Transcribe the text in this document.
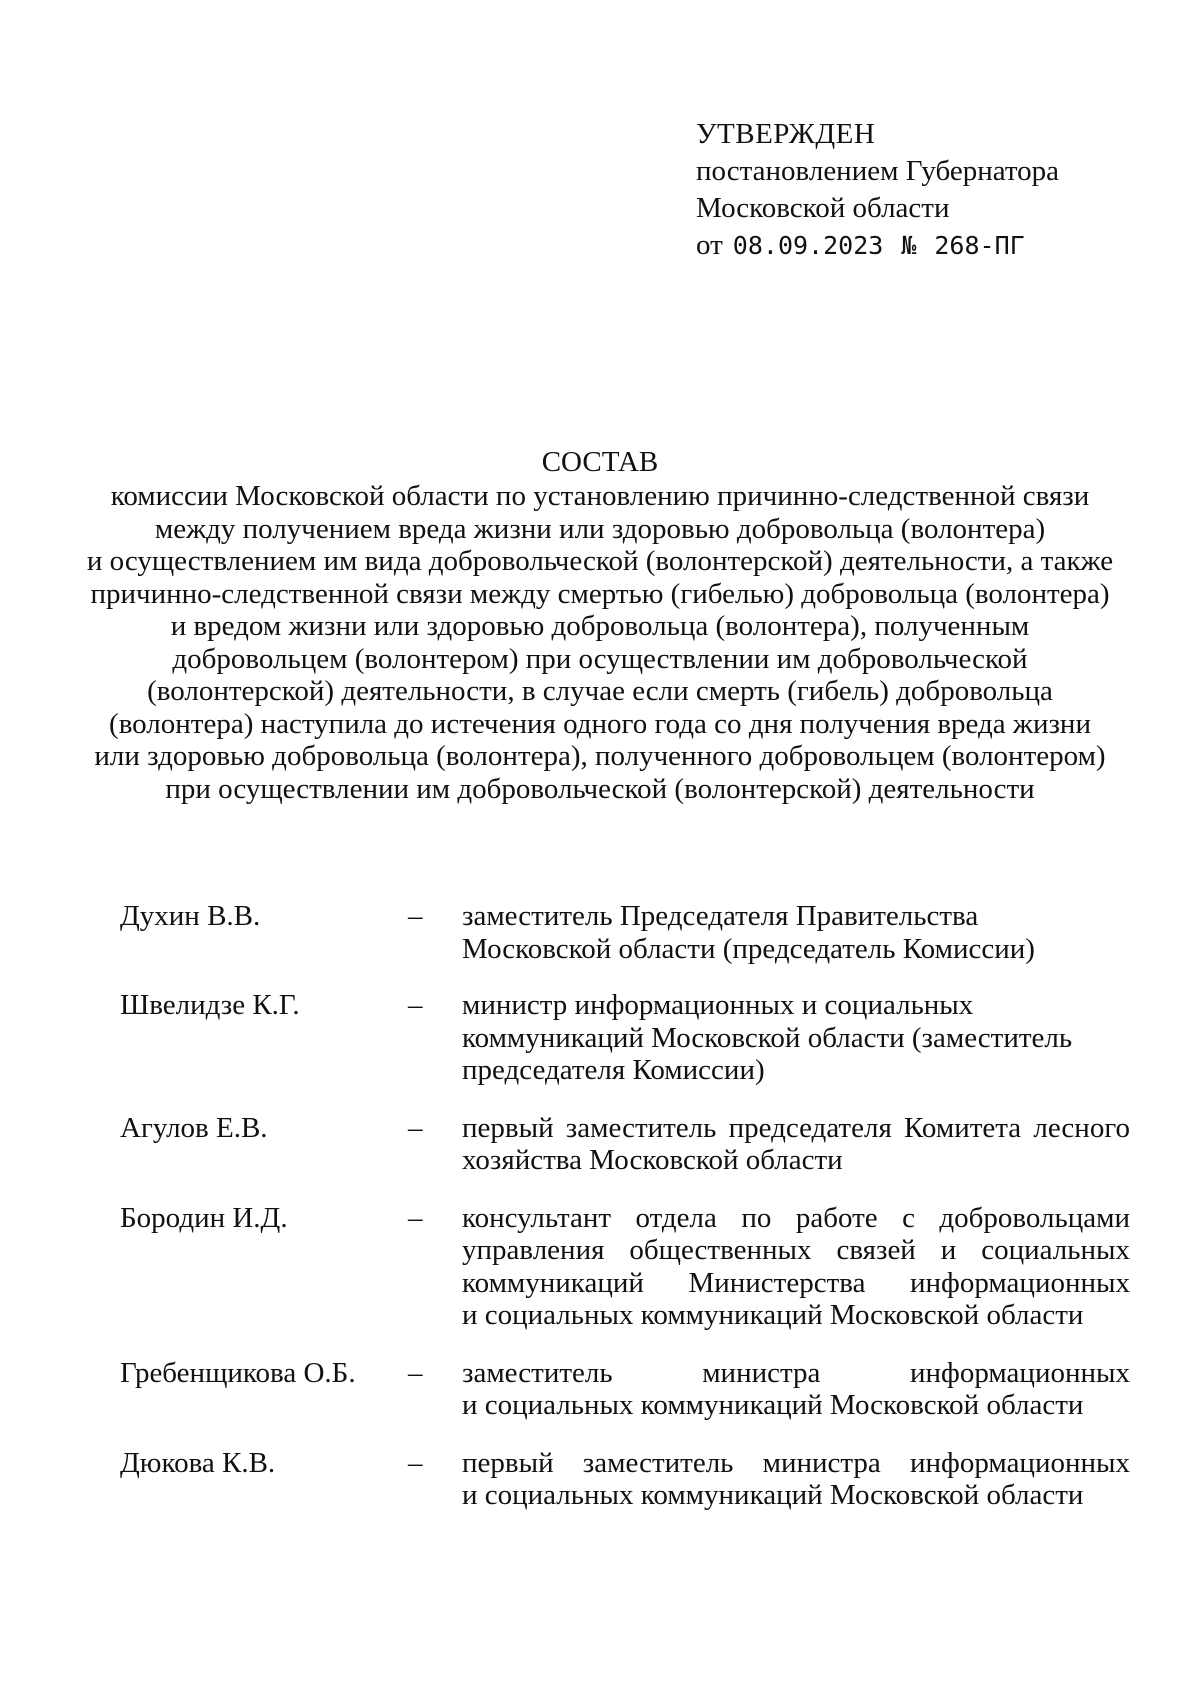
УТВЕРЖДЕН
постановлением Губернатора
Московской области
от 08.09.2023 № 268-ПГ
СОСТАВ
комиссии Московской области по установлению причинно-следственной связи
между получением вреда жизни или здоровью добровольца (волонтера)
и осуществлением им вида добровольческой (волонтерской) деятельности, а также
причинно-следственной связи между смертью (гибелью) добровольца (волонтера)
и вредом жизни или здоровью добровольца (волонтера), полученным
добровольцем (волонтером) при осуществлении им добровольческой
(волонтерской) деятельности, в случае если смерть (гибель) добровольца
(волонтера) наступила до истечения одного года со дня получения вреда жизни
или здоровью добровольца (волонтера), полученного добровольцем (волонтером)
при осуществлении им добровольческой (волонтерской) деятельности
Духин В.В.	– заместитель Председателя Правительства
Московской области (председатель Комиссии)
Швелидзе К.Г.	– министр информационных и социальных
коммуникаций Московской области (заместитель
председателя Комиссии)
Агулов Е.В.	– первый заместитель председателя Комитета лесного
хозяйства Московской области
Бородин И.Д.	– консультант отдела по работе с добровольцами
управления общественных связей и социальных
коммуникаций Министерства информационных
и социальных коммуникаций Московской области
Гребенщикова О.Б. – заместитель министра информационных
и социальных коммуникаций Московской области
Дюкова К.В.	– первый заместитель министра информационных
и социальных коммуникаций Московской области
